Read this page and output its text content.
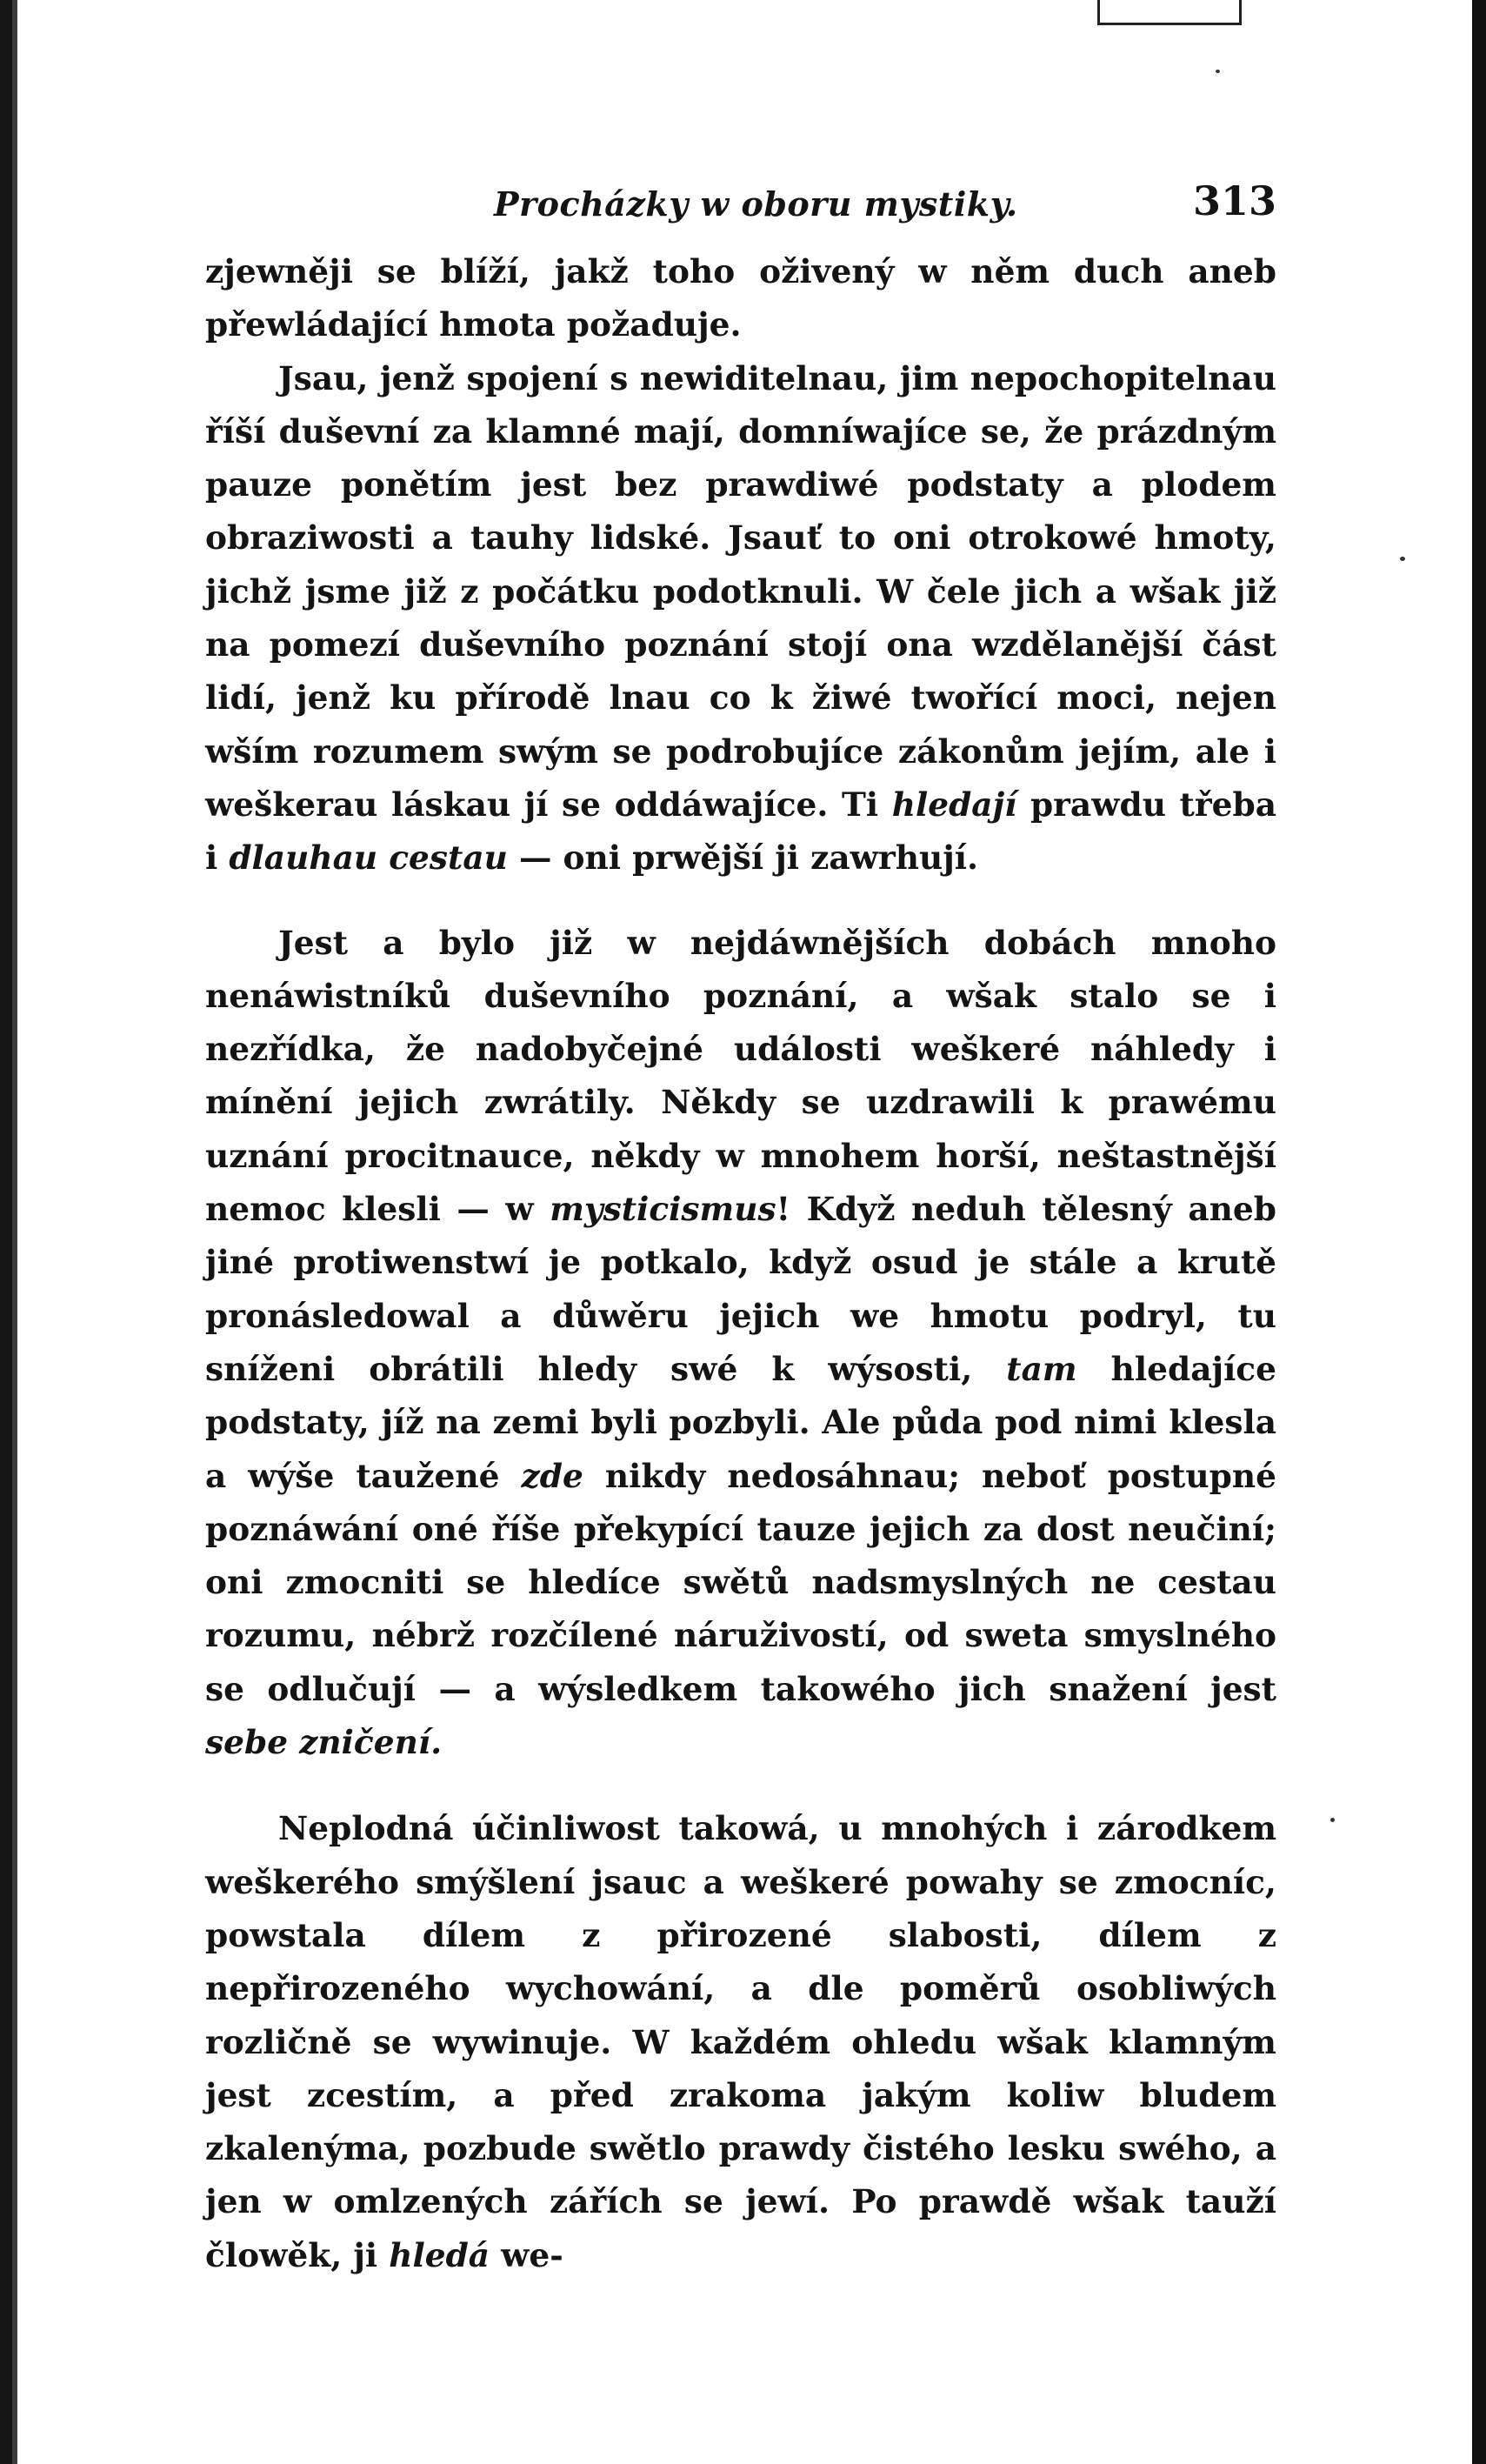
Procházky w oboru mystiky.	313

zjewněji se blíží, jakž toho oživený w něm duch aneb přewládající hmota požaduje.

Jsau, jenž spojení s newiditelnau, jim nepochopitelnau říší duševní za klamné mají, domníwajíce se, že prázdným pauze ponětím jest bez prawdiwé podstaty a plodem obraziwosti a tauhy lidské. Jsauť to oni otrokowé hmoty, jichž jsme již z počátku podotknuli. W čele jich a wšak již na pomezí duševního poznání stojí ona wzdělanější část lidí, jenž ku přírodě lnau co k žiwé twořící moci, nejen wším rozumem swým se podrobujíce zákonům jejím, ale i weškerau láskau jí se oddáwajíce. Ti hledají prawdu třeba i dlauhau cestau — oni prwější ji zawrhují.

Jest a bylo již w nejdáwnějších dobách mnoho nenáwistníků duševního poznání, a wšak stalo se i nezřídka, že nadobyčejné události weškeré náhledy i mínění jejich zwrátily. Někdy se uzdrawili k prawému uznání procitnauce, někdy w mnohem horší, neštastnější nemoc klesli — w mysticismus! Když neduh tělesný aneb jiné protiwenstwí je potkalo, když osud je stále a krutě pronásledowal a důwěru jejich we hmotu podryl, tu sníženi obrátili hledy swé k wýsosti, tam hledajíce podstaty, jíž na zemi byli pozbyli. Ale půda pod nimi klesla a wýše taužené zde nikdy nedosáhnau; neboť postupné poznáwání oné říše překypící tauze jejich za dost neučiní; oni zmocniti se hledíce swětů nadsmyslných ne cestau rozumu, nébrž rozčílené náruživostí, od sweta smyslného se odlučují — a wýsledkem takowého jich snažení jest sebe zničení.

Neplodná účinliwost takowá, u mnohých i zárodkem weškerého smýšlení jsauc a weškeré powahy se zmocníc, powstala dílem z přirozené slabosti, dílem z nepřirozeného wychowání, a dle poměrů osobliwých rozličně se wywinuje. W každém ohledu wšak klamným jest zcestím, a před zrakoma jakým koliw bludem zkalenýma, pozbude swětlo prawdy čistého lesku swého, a jen w omlzených zářích se jewí. Po prawdě wšak tauží člowěk, ji hledá we-
